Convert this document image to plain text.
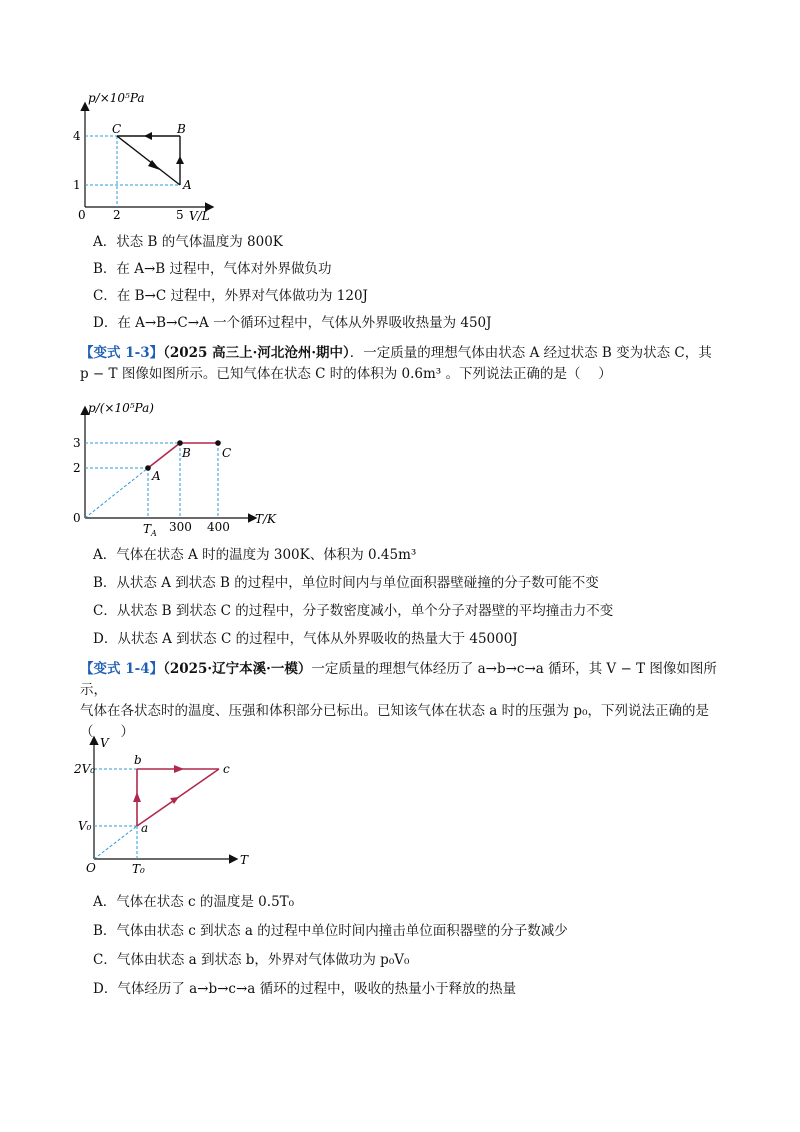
p/×10⁵Pa
V/L
0
4
1
2	5
C	B
A
A．状态 B 的气体温度为 800K
B．在 A→B 过程中，气体对外界做负功
C．在 B→C 过程中，外界对气体做功为 120J
D．在 A→B→C→A 一个循环过程中，气体从外界吸收热量为 450J
【变式 1-3】（2025 高三上·河北沧州·期中）．一定质量的理想气体由状态 A 经过状态 B 变为状态 C，其
p − T 图像如图所示。已知气体在状态 C 时的体积为 0.6m³ 。下列说法正确的是（　 ）
p/(×10⁵Pa)
T/K
0
3
2
$T_A$ 300 400
A
B	C
A．气体在状态 A 时的温度为 300K、体积为 0.45m³
B．从状态 A 到状态 B 的过程中，单位时间内与单位面积器壁碰撞的分子数可能不变
C．从状态 B 到状态 C 的过程中，分子数密度减小，单个分子对器壁的平均撞击力不变
D．从状态 A 到状态 C 的过程中，气体从外界吸收的热量大于 45000J
【变式 1-4】（2025·辽宁本溪·一模）一定质量的理想气体经历了 a→b→c→a 循环，其 V − T 图像如图所示，
气体在各状态时的温度、压强和体积部分已标出。已知该气体在状态 a 时的压强为 p₀，下列说法正确的是
（　　）
V
T
O
2V₀
V₀
T₀
b
c
a
A．气体在状态 c 的温度是 0.5T₀
B．气体由状态 c 到状态 a 的过程中单位时间内撞击单位面积器壁的分子数减少
C．气体由状态 a 到状态 b，外界对气体做功为 p₀V₀
D．气体经历了 a→b→c→a 循环的过程中，吸收的热量小于释放的热量
